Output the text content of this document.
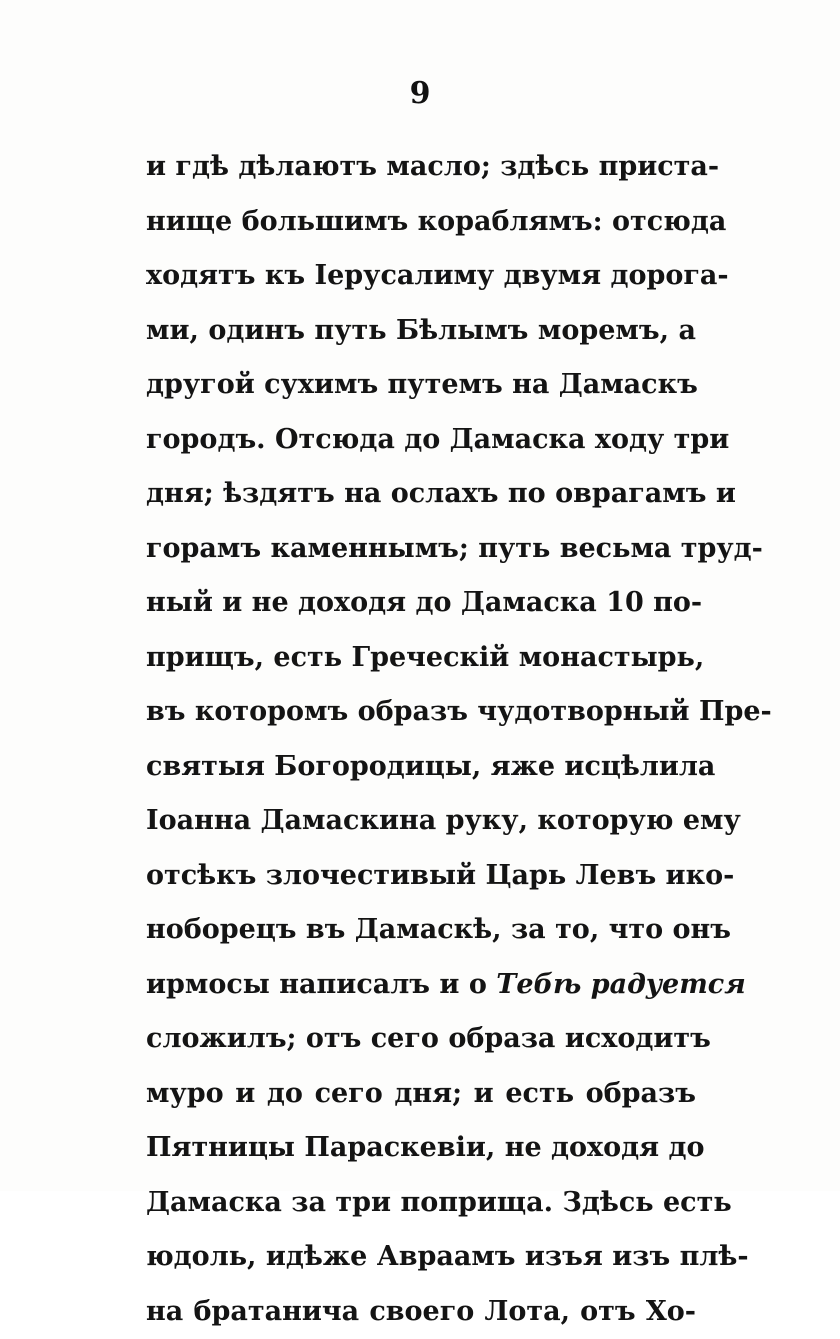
9
и гдѣ дѣлаютъ масло; здѣсь приста-
нище большимъ кораблямъ: отсюда
ходятъ къ Іерусалиму двумя дорога-
ми, одинъ путь Бѣлымъ моремъ, а
другой сухимъ путемъ на Дамаскъ
городъ. Отсюда до Дамаска ходу три
дня; ѣздятъ на ослахъ по оврагамъ и
горамъ каменнымъ; путь весьма труд-
ный и не доходя до Дамаска 10 по-
прищъ, есть Греческій монастырь,
въ которомъ образъ чудотворный Пре-
святыя Богородицы, яже исцѣлила
Іоанна Дамаскина руку, которую ему
отсѣкъ злочестивый Царь Левъ ико-
ноборецъ въ Дамаскѣ, за то, что онъ
ирмосы написалъ и о Тебѣ радуется
сложилъ; отъ сего образа исходитъ
муро и до сего дня; и есть образъ
Пятницы Параскевіи, не доходя до
Дамаска за три поприща. Здѣсь есть
юдоль, идѣже Авраамъ изъя изъ плѣ-
на братанича своего Лота, отъ Хо-
